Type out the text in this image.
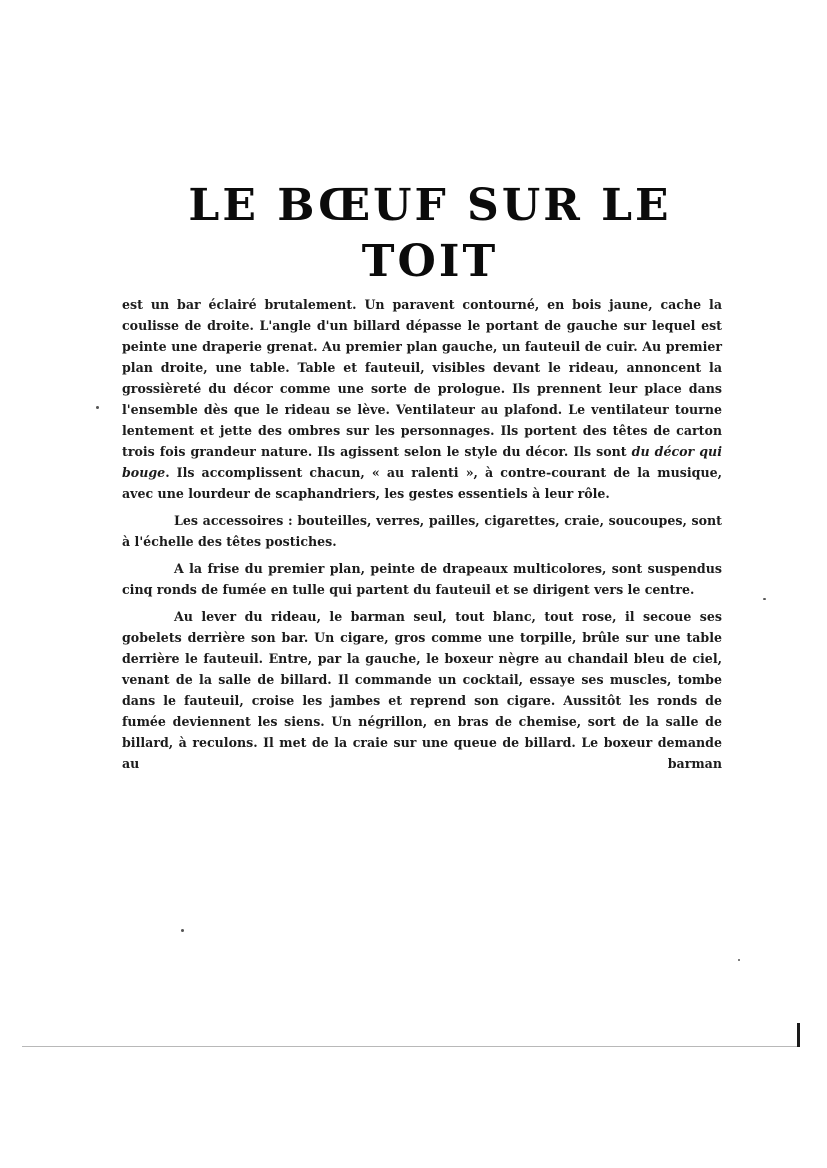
LE BŒUF SUR LE TOIT

est un bar éclairé brutalement. Un paravent contourné, en bois jaune, cache la coulisse de droite. L'angle d'un billard dépasse le portant de gauche sur lequel est peinte une draperie grenat. Au premier plan gauche, un fauteuil de cuir. Au premier plan droite, une table. Table et fauteuil, visibles devant le rideau, annoncent la grossièreté du décor comme une sorte de prologue. Ils prennent leur place dans l'ensemble dès que le rideau se lève. Ventilateur au plafond. Le ventilateur tourne lentement et jette des ombres sur les personnages. Ils portent des têtes de carton trois fois grandeur nature. Ils agissent selon le style du décor. Ils sont du décor qui bouge. Ils accomplissent chacun, « au ralenti », à contre-courant de la musique, avec une lourdeur de scaphandriers, les gestes essentiels à leur rôle.

Les accessoires : bouteilles, verres, pailles, cigarettes, craie, soucoupes, sont à l'échelle des têtes postiches.

A la frise du premier plan, peinte de drapeaux multicolores, sont suspendus cinq ronds de fumée en tulle qui partent du fauteuil et se dirigent vers le centre.

Au lever du rideau, le barman seul, tout blanc, tout rose, il secoue ses gobelets derrière son bar. Un cigare, gros comme une torpille, brûle sur une table derrière le fauteuil. Entre, par la gauche, le boxeur nègre au chandail bleu de ciel, venant de la salle de billard. Il commande un cocktail, essaye ses muscles, tombe dans le fauteuil, croise les jambes et reprend son cigare. Aussitôt les ronds de fumée deviennent les siens. Un négrillon, en bras de chemise, sort de la salle de billard, à reculons. Il met de la craie sur une queue de billard. Le boxeur demande au barman
